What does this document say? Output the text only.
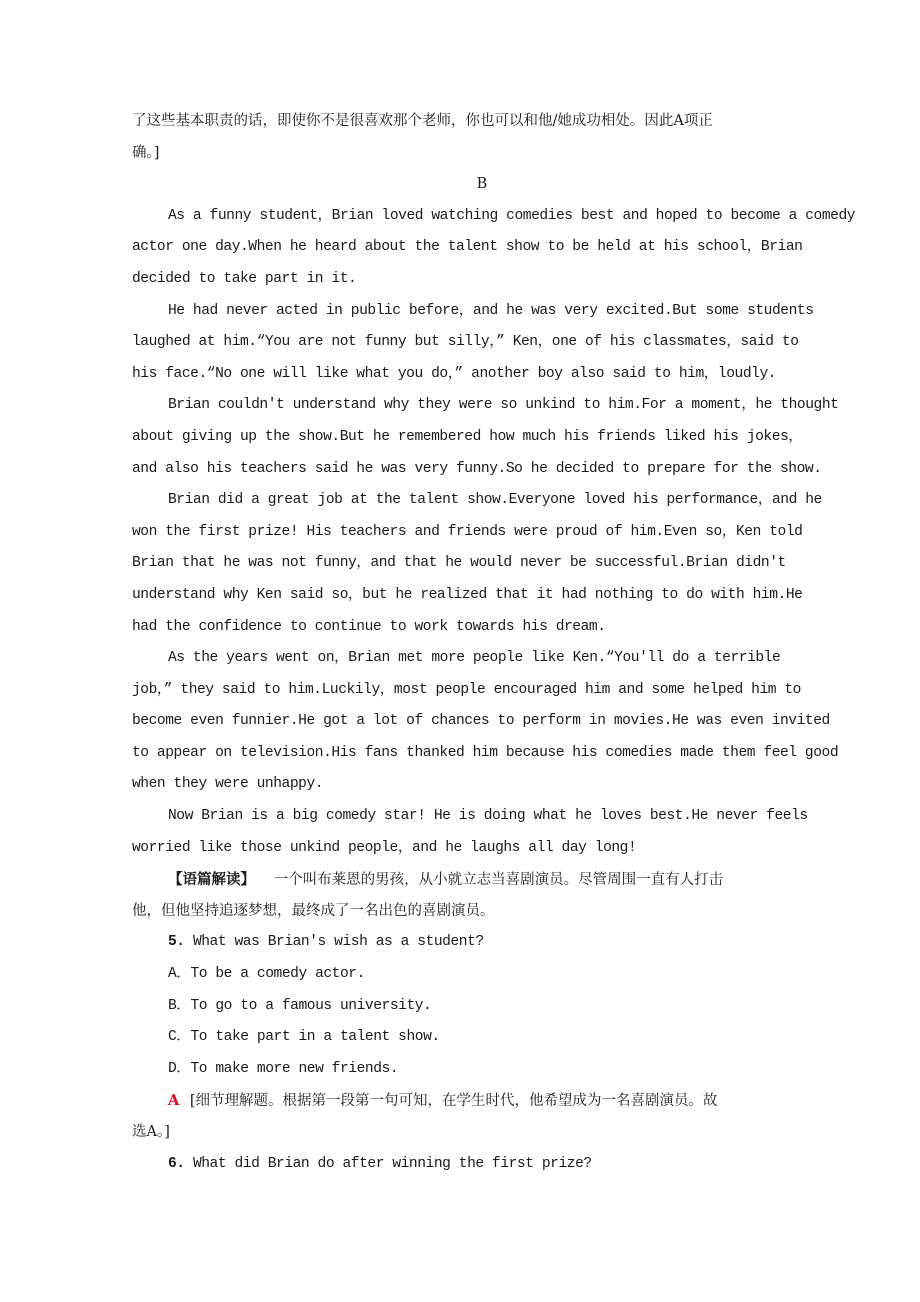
了这些基本职责的话，即使你不是很喜欢那个老师，你也可以和他/她成功相处。因此A项正
确。]
B
As a funny student，Brian loved watching comedies best and hoped to become a comedy
actor one day.When he heard about the talent show to be held at his school，Brian
decided to take part in it.
He had never acted in public before，and he was very excited.But some students
laughed at him.“You are not funny but silly，” Ken，one of his classmates，said to
his face.“No one will like what you do，” another boy also said to him，loudly.
Brian couldn't understand why they were so unkind to him.For a moment，he thought
about giving up the show.But he remembered how much his friends liked his jokes，
and also his teachers said he was very funny.So he decided to prepare for the show.
Brian did a great job at the talent show.Everyone loved his performance，and he
won the first prize! His teachers and friends were proud of him.Even so，Ken told
Brian that he was not funny，and that he would never be successful.Brian didn't
understand why Ken said so，but he realized that it had nothing to do with him.He
had the confidence to continue to work towards his dream.
As the years went on，Brian met more people like Ken.“You'll do a terrible
job，” they said to him.Luckily，most people encouraged him and some helped him to
become even funnier.He got a lot of chances to perform in movies.He was even invited
to appear on television.His fans thanked him because his comedies made them feel good
when they were unhappy.
Now Brian is a big comedy star! He is doing what he loves best.He never feels
worried like those unkind people，and he laughs all day long!
【语篇解读】 一个叫布莱恩的男孩，从小就立志当喜剧演员。尽管周围一直有人打击
他，但他坚持追逐梦想，最终成了一名出色的喜剧演员。
5. What was Brian's wish as a student?
A．To be a comedy actor.
B．To go to a famous university.
C．To take part in a talent show.
D．To make more new friends.
A [细节理解题。根据第一段第一句可知，在学生时代，他希望成为一名喜剧演员。故
选A。]
6. What did Brian do after winning the first prize?
